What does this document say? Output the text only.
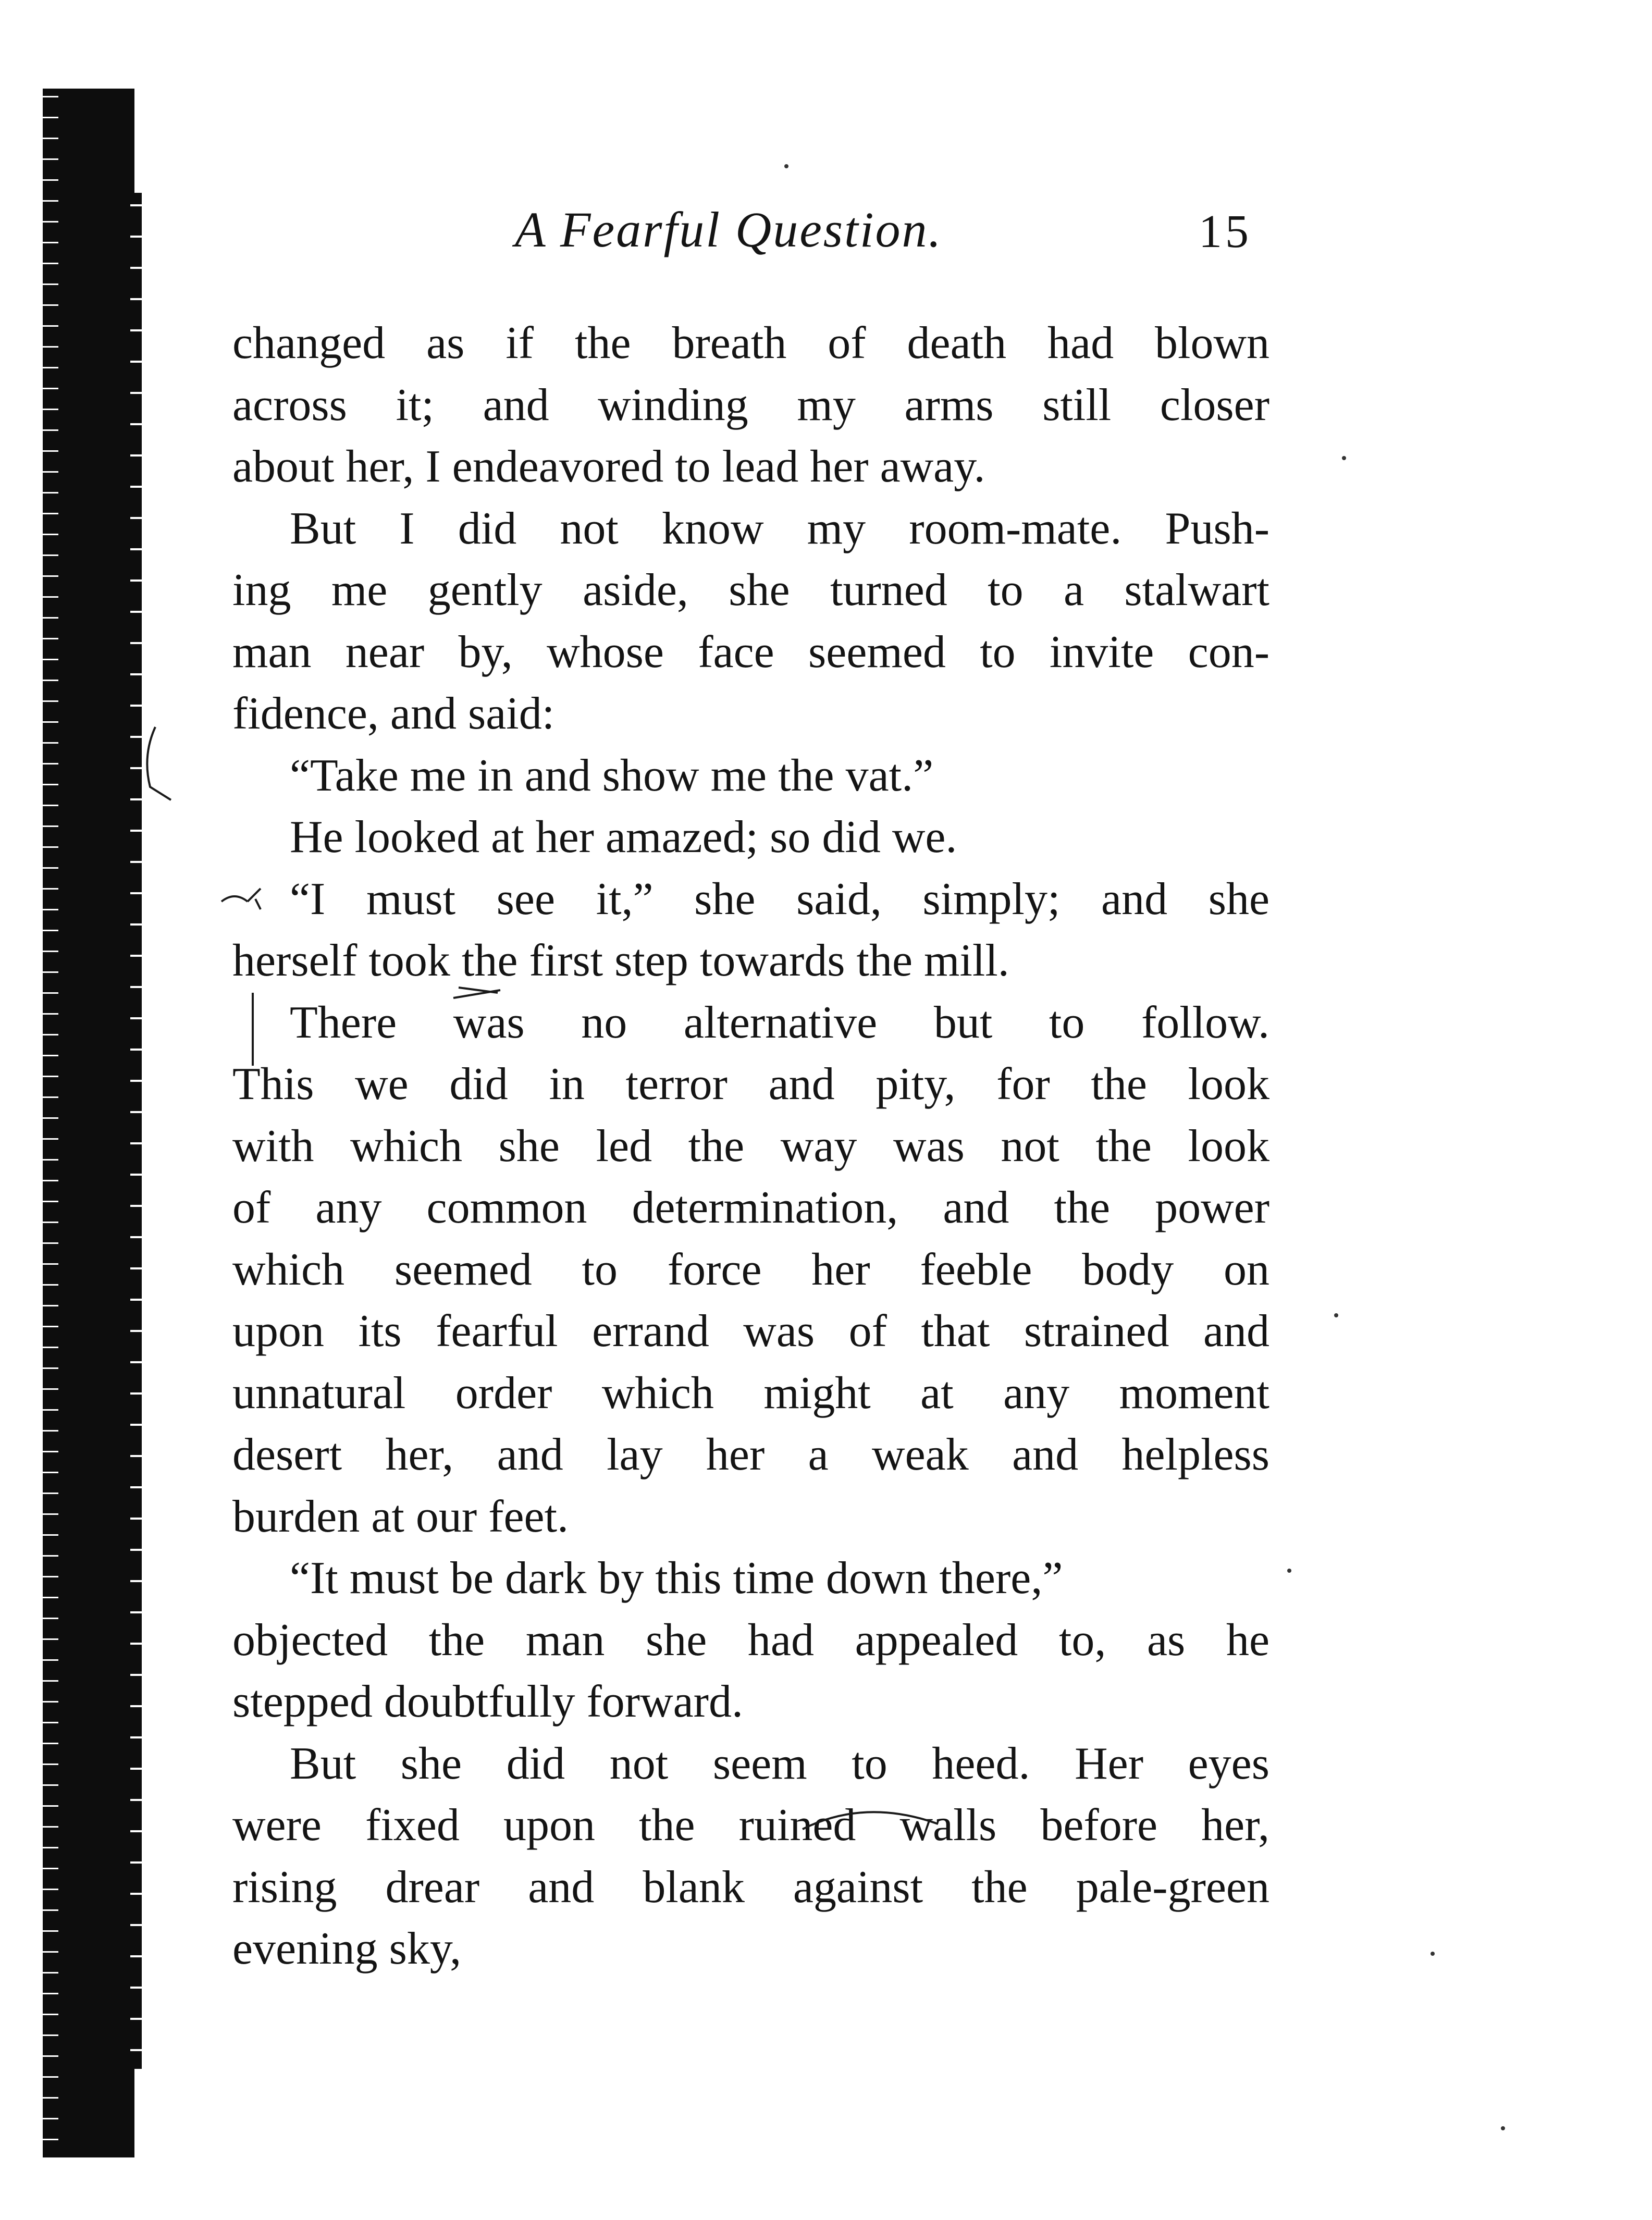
A Fearful Question.	15
changed as if the breath of death had blown
across it; and winding my arms still closer
about her, I endeavored to lead her away.
But I did not know my room-mate. Push-
ing me gently aside, she turned to a stalwart
man near by, whose face seemed to invite con-
fidence, and said:
“Take me in and show me the vat.”
He looked at her amazed; so did we.
“I must see it,” she said, simply; and she
herself took the first step towards the mill.
There was no alternative but to follow.
This we did in terror and pity, for the look
with which she led the way was not the look
of any common determination, and the power
which seemed to force her feeble body on
upon its fearful errand was of that strained and
unnatural order which might at any moment
desert her, and lay her a weak and helpless
burden at our feet.
“It must be dark by this time down there,”
objected the man she had appealed to, as he
stepped doubtfully forward.
But she did not seem to heed. Her eyes
were fixed upon the ruined walls before her,
rising drear and blank against the pale-green
evening sky,
